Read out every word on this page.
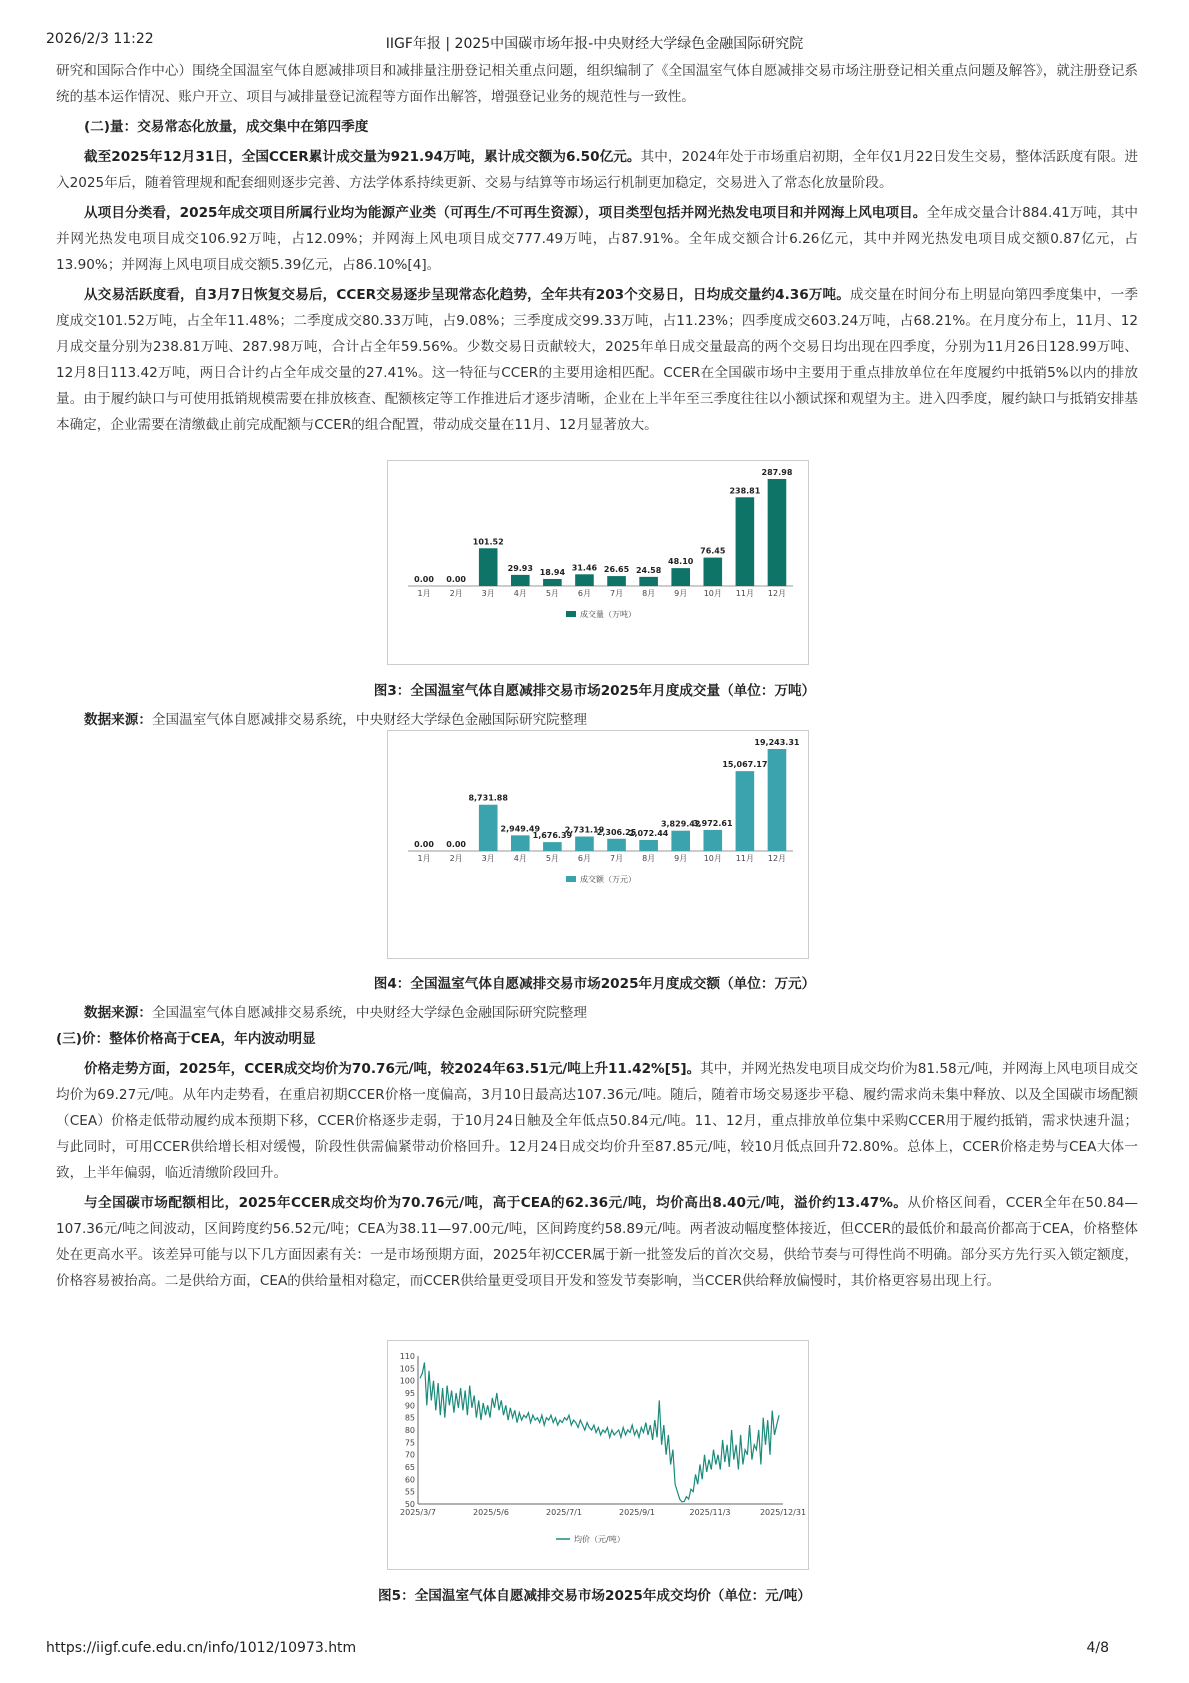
2026/2/3 11:22	IIGF年报 | 2025中国碳市场年报-中央财经大学绿色金融国际研究院

研究和国际合作中心）围绕全国温室气体自愿减排项目和减排量注册登记相关重点问题，组织编制了《全国温室气体自愿减排交易市场注册登记相关重点问题及解答》，就注册登记系统的基本运作情况、账户开立、项目与减排量登记流程等方面作出解答，增强登记业务的规范性与一致性。

(二)量：交易常态化放量，成交集中在第四季度

截至2025年12月31日，全国CCER累计成交量为921.94万吨，累计成交额为6.50亿元。其中，2024年处于市场重启初期，全年仅1月22日发生交易，整体活跃度有限。进入2025年后，随着管理规和配套细则逐步完善、方法学体系持续更新、交易与结算等市场运行机制更加稳定，交易进入了常态化放量阶段。

从项目分类看，2025年成交项目所属行业均为能源产业类（可再生/不可再生资源），项目类型包括并网光热发电项目和并网海上风电项目。全年成交量合计884.41万吨，其中并网光热发电项目成交106.92万吨，占12.09%；并网海上风电项目成交777.49万吨，占87.91%。全年成交额合计6.26亿元，其中并网光热发电项目成交额0.87亿元，占13.90%；并网海上风电项目成交额5.39亿元，占86.10%[4]。

从交易活跃度看，自3月7日恢复交易后，CCER交易逐步呈现常态化趋势，全年共有203个交易日，日均成交量约4.36万吨。成交量在时间分布上明显向第四季度集中，一季度成交101.52万吨，占全年11.48%；二季度成交80.33万吨，占9.08%；三季度成交99.33万吨，占11.23%；四季度成交603.24万吨，占68.21%。在月度分布上，11月、12月成交量分别为238.81万吨、287.98万吨，合计占全年59.56%。少数交易日贡献较大，2025年单日成交量最高的两个交易日均出现在四季度，分别为11月26日128.99万吨、12月8日113.42万吨，两日合计约占全年成交量的27.41%。这一特征与CCER的主要用途相匹配。CCER在全国碳市场中主要用于重点排放单位在年度履约中抵销5%以内的排放量。由于履约缺口与可使用抵销规模需要在排放核查、配额核定等工作推进后才逐步清晰，企业在上半年至三季度往往以小额试探和观望为主。进入四季度，履约缺口与抵销安排基本确定，企业需要在清缴截止前完成配额与CCER的组合配置，带动成交量在11月、12月显著放大。

0.00
1月
0.00
2月
101.52
3月
29.93
4月
18.94
5月
31.46
6月
26.65
7月
24.58
8月
48.10
9月
76.45
10月
238.81
11月
287.98
12月
成交量（万吨）
图3：全国温室气体自愿减排交易市场2025年月度成交量（单位：万吨）
数据来源：全国温室气体自愿减排交易系统，中央财经大学绿色金融国际研究院整理
0.00
1月
0.00
2月
8,731.88
3月
2,949.49
4月
1,676.39
5月
2,731.19
6月
2,306.25
7月
2,072.44
8月
3,829.42
9月
3,972.61
10月
15,067.17
11月
19,243.31
12月
成交额（万元）
图4：全国温室气体自愿减排交易市场2025年月度成交额（单位：万元）
数据来源：全国温室气体自愿减排交易系统，中央财经大学绿色金融国际研究院整理

(三)价：整体价格高于CEA，年内波动明显

价格走势方面，2025年，CCER成交均价为70.76元/吨，较2024年63.51元/吨上升11.42%[5]。其中，并网光热发电项目成交均价为81.58元/吨，并网海上风电项目成交均价为69.27元/吨。从年内走势看，在重启初期CCER价格一度偏高，3月10日最高达107.36元/吨。随后，随着市场交易逐步平稳、履约需求尚未集中释放、以及全国碳市场配额（CEA）价格走低带动履约成本预期下移，CCER价格逐步走弱，于10月24日触及全年低点50.84元/吨。11、12月，重点排放单位集中采购CCER用于履约抵销，需求快速升温；与此同时，可用CCER供给增长相对缓慢，阶段性供需偏紧带动价格回升。12月24日成交均价升至87.85元/吨，较10月低点回升72.80%。总体上，CCER价格走势与CEA大体一致，上半年偏弱，临近清缴阶段回升。

与全国碳市场配额相比，2025年CCER成交均价为70.76元/吨，高于CEA的62.36元/吨，均价高出8.40元/吨，溢价约13.47%。从价格区间看，CCER全年在50.84—107.36元/吨之间波动，区间跨度约56.52元/吨；CEA为38.11—97.00元/吨，区间跨度约58.89元/吨。两者波动幅度整体接近，但CCER的最低价和最高价都高于CEA，价格整体处在更高水平。该差异可能与以下几方面因素有关：一是市场预期方面，2025年初CCER属于新一批签发后的首次交易，供给节奏与可得性尚不明确。部分买方先行买入锁定额度，价格容易被抬高。二是供给方面，CEA的供给量相对稳定，而CCER供给量更受项目开发和签发节奏影响，当CCER供给释放偏慢时，其价格更容易出现上行。

50
55
60
65
70
75
80
85
90
95
100
105
110
2025/3/7	2025/5/6	2025/7/1	2025/9/1	2025/11/3	2025/12/31
均价（元/吨）
图5：全国温室气体自愿减排交易市场2025年成交均价（单位：元/吨）
https://iigf.cufe.edu.cn/info/1012/10973.htm	4/8
